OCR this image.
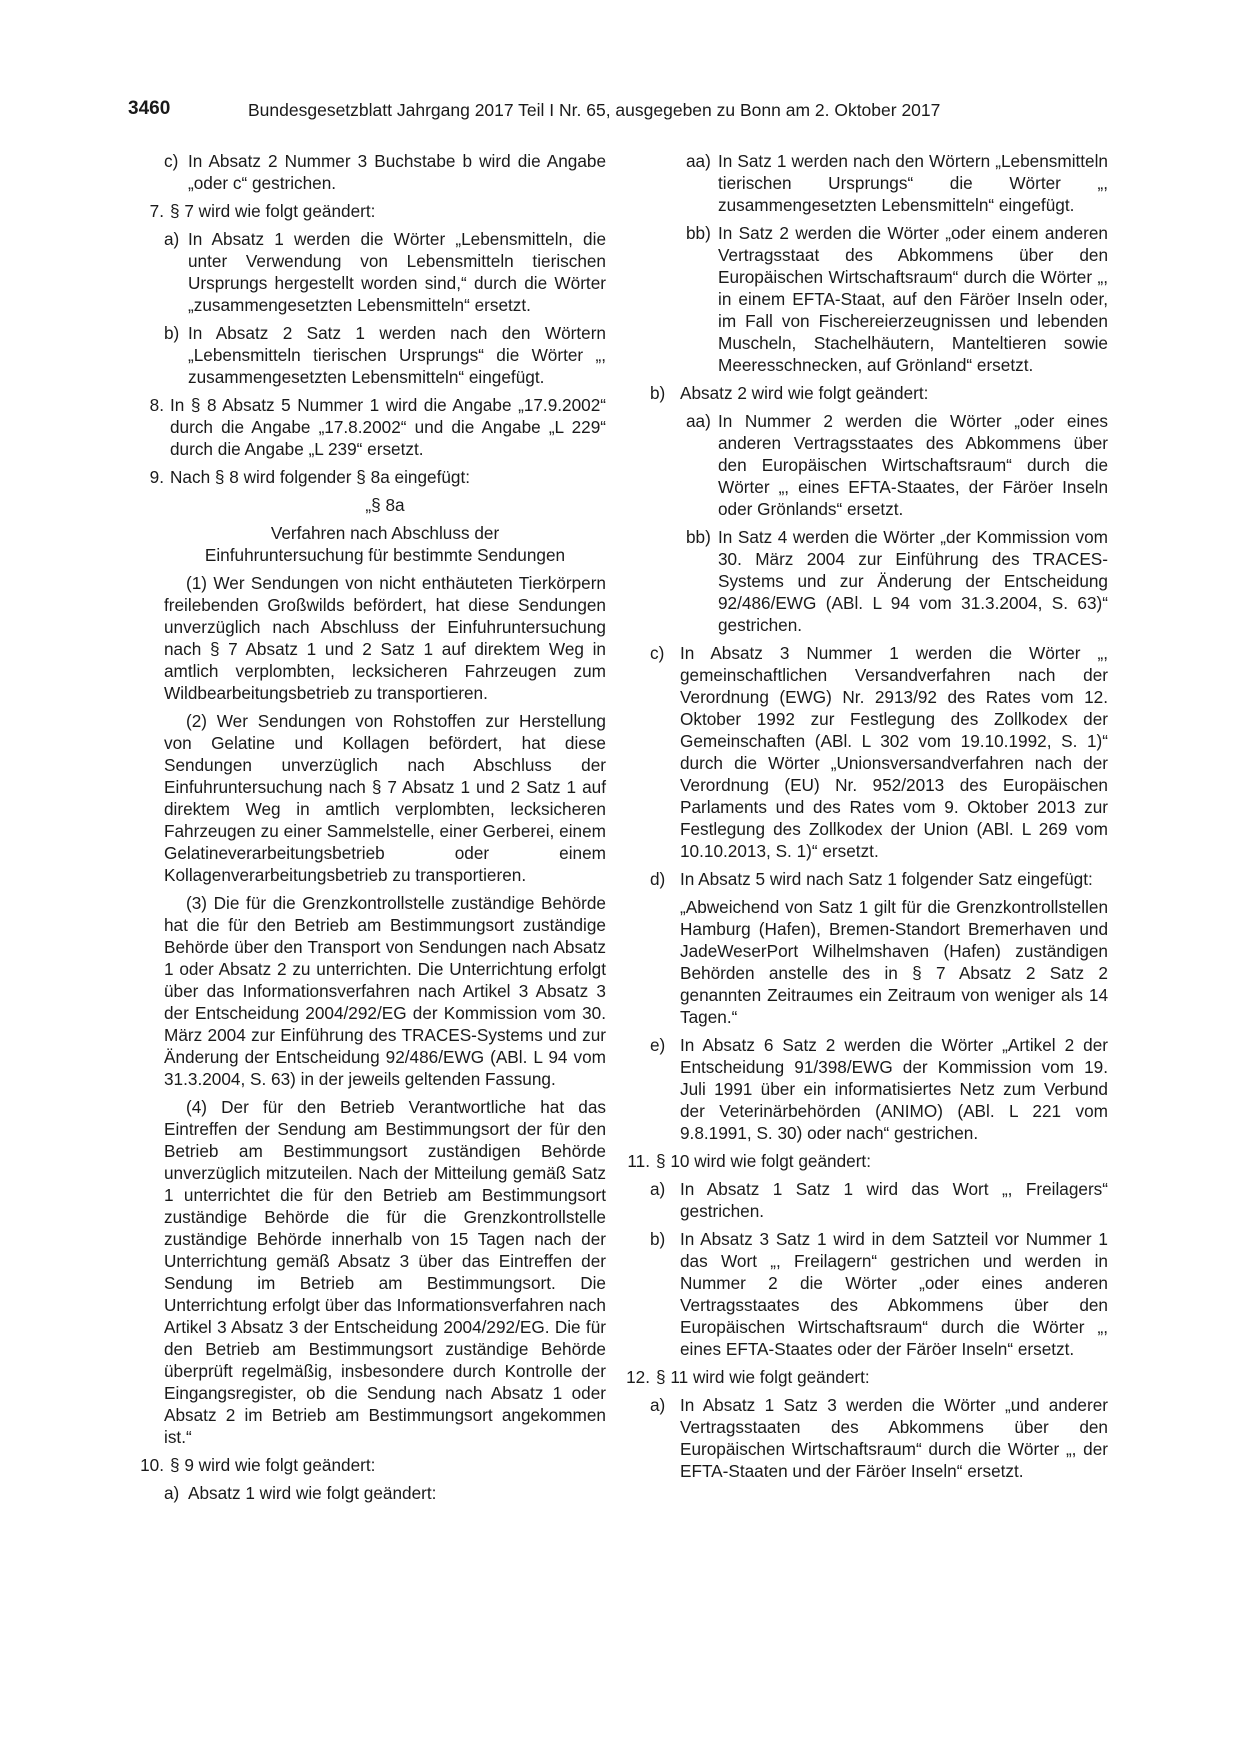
3460	Bundesgesetzblatt Jahrgang 2017 Teil I Nr. 65, ausgegeben zu Bonn am 2. Oktober 2017
c) In Absatz 2 Nummer 3 Buchstabe b wird die Angabe „oder c“ gestrichen.
7. § 7 wird wie folgt geändert:
a) In Absatz 1 werden die Wörter „Lebensmitteln, die unter Verwendung von Lebensmitteln tierischen Ursprungs hergestellt worden sind,“ durch die Wörter „zusammengesetzten Lebensmitteln“ ersetzt.
b) In Absatz 2 Satz 1 werden nach den Wörtern „Lebensmitteln tierischen Ursprungs“ die Wörter „, zusammengesetzten Lebensmitteln“ eingefügt.
8. In § 8 Absatz 5 Nummer 1 wird die Angabe „17.9.2002“ durch die Angabe „17.8.2002“ und die Angabe „L 229“ durch die Angabe „L 239“ ersetzt.
9. Nach § 8 wird folgender § 8a eingefügt:
„§ 8a
Verfahren nach Abschluss der
Einfuhruntersuchung für bestimmte Sendungen
(1) Wer Sendungen von nicht enthäuteten Tierkörpern freilebenden Großwilds befördert, hat diese Sendungen unverzüglich nach Abschluss der Einfuhruntersuchung nach § 7 Absatz 1 und 2 Satz 1 auf direktem Weg in amtlich verplombten, lecksicheren Fahrzeugen zum Wildbearbeitungsbetrieb zu transportieren.
(2) Wer Sendungen von Rohstoffen zur Herstellung von Gelatine und Kollagen befördert, hat diese Sendungen unverzüglich nach Abschluss der Einfuhruntersuchung nach § 7 Absatz 1 und 2 Satz 1 auf direktem Weg in amtlich verplombten, lecksicheren Fahrzeugen zu einer Sammelstelle, einer Gerberei, einem Gelatineverarbeitungsbetrieb oder einem Kollagenverarbeitungsbetrieb zu transportieren.
(3) Die für die Grenzkontrollstelle zuständige Behörde hat die für den Betrieb am Bestimmungsort zuständige Behörde über den Transport von Sendungen nach Absatz 1 oder Absatz 2 zu unterrichten. Die Unterrichtung erfolgt über das Informationsverfahren nach Artikel 3 Absatz 3 der Entscheidung 2004/292/EG der Kommission vom 30. März 2004 zur Einführung des TRACES-Systems und zur Änderung der Entscheidung 92/486/EWG (ABl. L 94 vom 31.3.2004, S. 63) in der jeweils geltenden Fassung.
(4) Der für den Betrieb Verantwortliche hat das Eintreffen der Sendung am Bestimmungsort der für den Betrieb am Bestimmungsort zuständigen Behörde unverzüglich mitzuteilen. Nach der Mitteilung gemäß Satz 1 unterrichtet die für den Betrieb am Bestimmungsort zuständige Behörde die für die Grenzkontrollstelle zuständige Behörde innerhalb von 15 Tagen nach der Unterrichtung gemäß Absatz 3 über das Eintreffen der Sendung im Betrieb am Bestimmungsort. Die Unterrichtung erfolgt über das Informationsverfahren nach Artikel 3 Absatz 3 der Entscheidung 2004/292/EG. Die für den Betrieb am Bestimmungsort zuständige Behörde überprüft regelmäßig, insbesondere durch Kontrolle der Eingangsregister, ob die Sendung nach Absatz 1 oder Absatz 2 im Betrieb am Bestimmungsort angekommen ist.“
10. § 9 wird wie folgt geändert:
a) Absatz 1 wird wie folgt geändert:
aa) In Satz 1 werden nach den Wörtern „Lebensmitteln tierischen Ursprungs“ die Wörter „, zusammengesetzten Lebensmitteln“ eingefügt.
bb) In Satz 2 werden die Wörter „oder einem anderen Vertragsstaat des Abkommens über den Europäischen Wirtschaftsraum“ durch die Wörter „, in einem EFTA-Staat, auf den Färöer Inseln oder, im Fall von Fischereierzeugnissen und lebenden Muscheln, Stachelhäutern, Manteltieren sowie Meeresschnecken, auf Grönland“ ersetzt.
b) Absatz 2 wird wie folgt geändert:
aa) In Nummer 2 werden die Wörter „oder eines anderen Vertragsstaates des Abkommens über den Europäischen Wirtschaftsraum“ durch die Wörter „, eines EFTA-Staates, der Färöer Inseln oder Grönlands“ ersetzt.
bb) In Satz 4 werden die Wörter „der Kommission vom 30. März 2004 zur Einführung des TRACES-Systems und zur Änderung der Entscheidung 92/486/EWG (ABl. L 94 vom 31.3.2004, S. 63)“ gestrichen.
c) In Absatz 3 Nummer 1 werden die Wörter „, gemeinschaftlichen Versandverfahren nach der Verordnung (EWG) Nr. 2913/92 des Rates vom 12. Oktober 1992 zur Festlegung des Zollkodex der Gemeinschaften (ABl. L 302 vom 19.10.1992, S. 1)“ durch die Wörter „Unionsversandverfahren nach der Verordnung (EU) Nr. 952/2013 des Europäischen Parlaments und des Rates vom 9. Oktober 2013 zur Festlegung des Zollkodex der Union (ABl. L 269 vom 10.10.2013, S. 1)“ ersetzt.
d) In Absatz 5 wird nach Satz 1 folgender Satz eingefügt:
„Abweichend von Satz 1 gilt für die Grenzkontrollstellen Hamburg (Hafen), Bremen-Standort Bremerhaven und JadeWeserPort Wilhelmshaven (Hafen) zuständigen Behörden anstelle des in § 7 Absatz 2 Satz 2 genannten Zeitraumes ein Zeitraum von weniger als 14 Tagen.“
e) In Absatz 6 Satz 2 werden die Wörter „Artikel 2 der Entscheidung 91/398/EWG der Kommission vom 19. Juli 1991 über ein informatisiertes Netz zum Verbund der Veterinärbehörden (ANIMO) (ABl. L 221 vom 9.8.1991, S. 30) oder nach“ gestrichen.
11. § 10 wird wie folgt geändert:
a) In Absatz 1 Satz 1 wird das Wort „, Freilagers“ gestrichen.
b) In Absatz 3 Satz 1 wird in dem Satzteil vor Nummer 1 das Wort „, Freilagern“ gestrichen und werden in Nummer 2 die Wörter „oder eines anderen Vertragsstaates des Abkommens über den Europäischen Wirtschaftsraum“ durch die Wörter „, eines EFTA-Staates oder der Färöer Inseln“ ersetzt.
12. § 11 wird wie folgt geändert:
a) In Absatz 1 Satz 3 werden die Wörter „und anderer Vertragsstaaten des Abkommens über den Europäischen Wirtschaftsraum“ durch die Wörter „, der EFTA-Staaten und der Färöer Inseln“ ersetzt.
